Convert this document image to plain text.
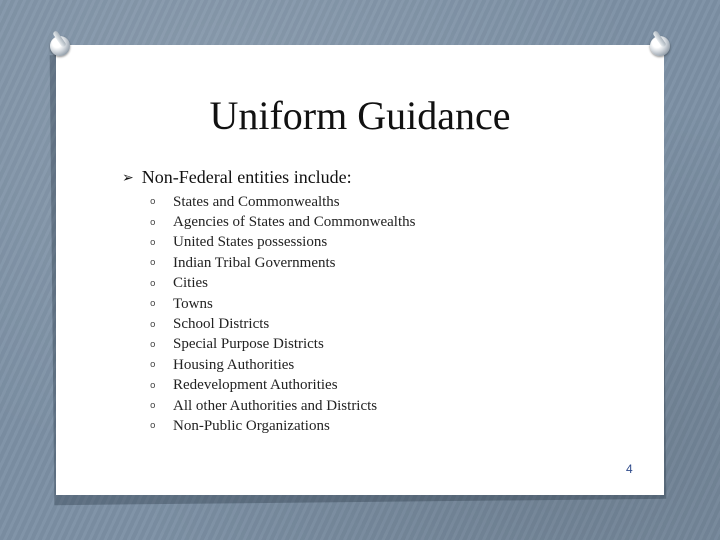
Uniform Guidance
➢ Non-Federal entities include:
o	States and Commonwealths
o	Agencies of States and Commonwealths
o	United States possessions
o	Indian Tribal Governments
o	Cities
o	Towns
o	School Districts
o	Special Purpose Districts
o	Housing Authorities
o	Redevelopment Authorities
o	All other Authorities and Districts
o	Non-Public Organizations
4
